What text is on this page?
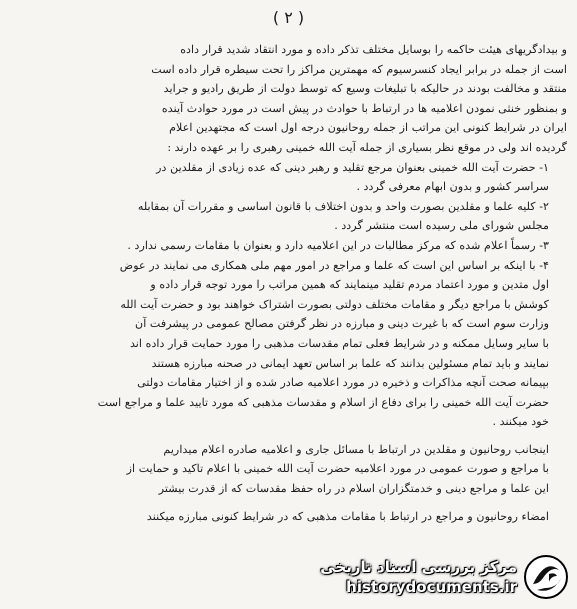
( ۲ )

و بیدادگریهای هیئت حاکمه را بوسایل مختلف تذکر داده و مورد انتقاد شدید قرار داده
است از جمله در برابر ایجاد کنسرسیوم که مهمترین مراکز را تحت سیطره قرار داده است
منتقد و مخالفت بودند در حالیکه با تبلیغات وسیع که توسط دولت از طریق رادیو و جراید
و بمنظور خنثی نمودن اعلامیه ها در ارتباط با حوادث در پیش است در مورد حوادث آینده
ایران در شرایط کنونی این مراتب از جمله روحانیون درجه اول است که مجتهدین اعلام
گردیده اند ولی در موقع نظر بسیاری از جمله آیت الله خمینی رهبری را بر عهده دارند :

۱- حضرت آیت الله خمینی بعنوان مرجع تقلید و رهبر دینی که عده زیادی از مقلدین در
سراسر کشور و بدون ابهام معرفی گردد .

۲- کلیه علما و مقلدین بصورت واحد و بدون اختلاف با قانون اساسی و مقررات آن بمقابله
مجلس شورای ملی رسیده است منتشر گردد .

۳- رسماً اعلام شده که مرکز مطالبات در این اعلامیه دارد و بعنوان با مقامات رسمی ندارد .
۴- با اینکه بر اساس این است که علما و مراجع در امور مهم ملی همکاری می نمایند در عوض
اول متدین و مورد اعتماد مردم تقلید مینمایند که همین مراتب را مورد توجه قرار داده و
کوشش با مراجع دیگر و مقامات مختلف دولتی بصورت اشتراک خواهند بود و حضرت آیت الله
وزارت سوم است که با غیرت دینی و مبارزه در نظر گرفتن مصالح عمومی در پیشرفت آن
با سایر وسایل ممکنه و در شرایط فعلی تمام مقدسات مذهبی را مورد حمایت قرار داده اند
نمایند و باید تمام مسئولین بدانند که علما بر اساس تعهد ایمانی در صحنه مبارزه هستند
بپیمانه صحت آنچه مذاکرات و ذخیره در مورد اعلامیه صادر شده و از اختیار مقامات دولتی
حضرت آیت الله خمینی را برای دفاع از اسلام و مقدسات مذهبی که مورد تایید علما و مراجع است
خود میکنند .

اینجانب روحانیون و مقلدین در ارتباط با مسائل جاری و اعلامیه صادره اعلام میداریم
با مراجع و صورت عمومی در مورد اعلامیه حضرت آیت الله خمینی با اعلام تاکید و حمایت از
این علما و مراجع دینی و خدمتگزاران اسلام در راه حفظ مقدسات که از قدرت بیشتر

امضاء روحانیون و مراجع در ارتباط با مقامات مذهبی که در شرایط کنونی مبارزه میکنند

مرکز بررسی اسناد تاریخی
historydocuments.ir
